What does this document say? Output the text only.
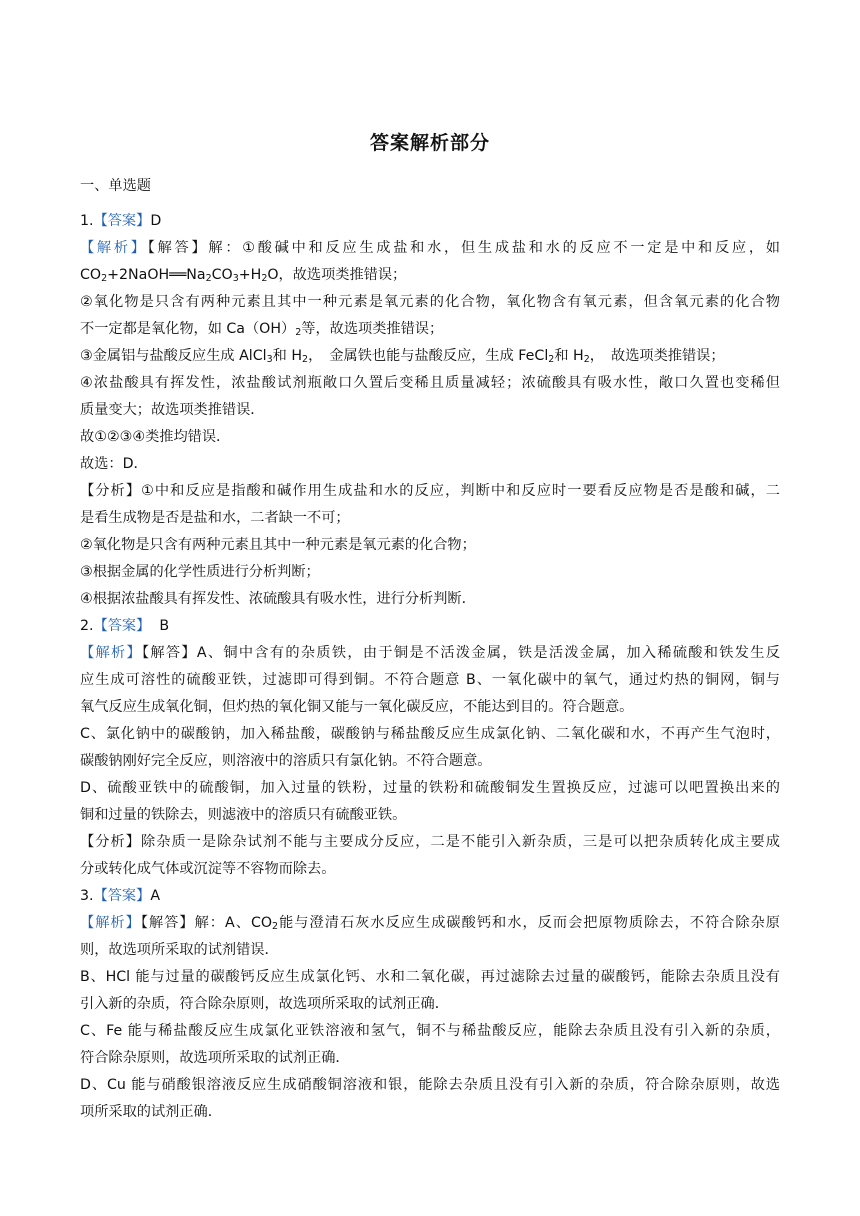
答案解析部分
一、单选题
1.【答案】D
【解析】【解答】解：①酸碱中和反应生成盐和水，但生成盐和水的反应不一定是中和反应，如
$CO_2+2NaOH══Na_2CO_3+H_2O$，故选项类推错误；
②氧化物是只含有两种元素且其中一种元素是氧元素的化合物，氧化物含有氧元素，但含氧元素的化合物
不一定都是氧化物，如 $Ca(OH)_2$等，故选项类推错误；
③金属铝与盐酸反应生成 AlCl$_3$和 $H_2$，　金属铁也能与盐酸反应，生成 FeCl$_2$和 $H_2$，　故选项类推错误；
④浓盐酸具有挥发性，浓盐酸试剂瓶敞口久置后变稀且质量减轻；浓硫酸具有吸水性，敞口久置也变稀但
质量变大；故选项类推错误．
故①②③④类推均错误．
故选：D．
【分析】①中和反应是指酸和碱作用生成盐和水的反应，判断中和反应时一要看反应物是否是酸和碱，二
是看生成物是否是盐和水，二者缺一不可；
②氧化物是只含有两种元素且其中一种元素是氧元素的化合物；
③根据金属的化学性质进行分析判断；
④根据浓盐酸具有挥发性、浓硫酸具有吸水性，进行分析判断．
2.【答案】 B
【解析】【解答】A、铜中含有的杂质铁，由于铜是不活泼金属，铁是活泼金属，加入稀硫酸和铁发生反
应生成可溶性的硫酸亚铁，过滤即可得到铜。不符合题意 B、一氧化碳中的氧气，通过灼热的铜网，铜与
氧气反应生成氧化铜，但灼热的氧化铜又能与一氧化碳反应，不能达到目的。符合题意。
C、氯化钠中的碳酸钠，加入稀盐酸，碳酸钠与稀盐酸反应生成氯化钠、二氧化碳和水，不再产生气泡时，
碳酸钠刚好完全反应，则溶液中的溶质只有氯化钠。不符合题意。
D、硫酸亚铁中的硫酸铜，加入过量的铁粉，过量的铁粉和硫酸铜发生置换反应，过滤可以吧置换出来的
铜和过量的铁除去，则滤液中的溶质只有硫酸亚铁。
【分析】除杂质一是除杂试剂不能与主要成分反应，二是不能引入新杂质，三是可以把杂质转化成主要成
分或转化成气体或沉淀等不容物而除去。
3.【答案】A
【解析】【解答】解：A、$CO_2$能与澄清石灰水反应生成碳酸钙和水，反而会把原物质除去，不符合除杂原
则，故选项所采取的试剂错误．
B、HCl 能与过量的碳酸钙反应生成氯化钙、水和二氧化碳，再过滤除去过量的碳酸钙，能除去杂质且没有
引入新的杂质，符合除杂原则，故选项所采取的试剂正确．
C、Fe 能与稀盐酸反应生成氯化亚铁溶液和氢气，铜不与稀盐酸反应，能除去杂质且没有引入新的杂质，
符合除杂原则，故选项所采取的试剂正确．
D、Cu 能与硝酸银溶液反应生成硝酸铜溶液和银，能除去杂质且没有引入新的杂质，符合除杂原则，故选
项所采取的试剂正确．
